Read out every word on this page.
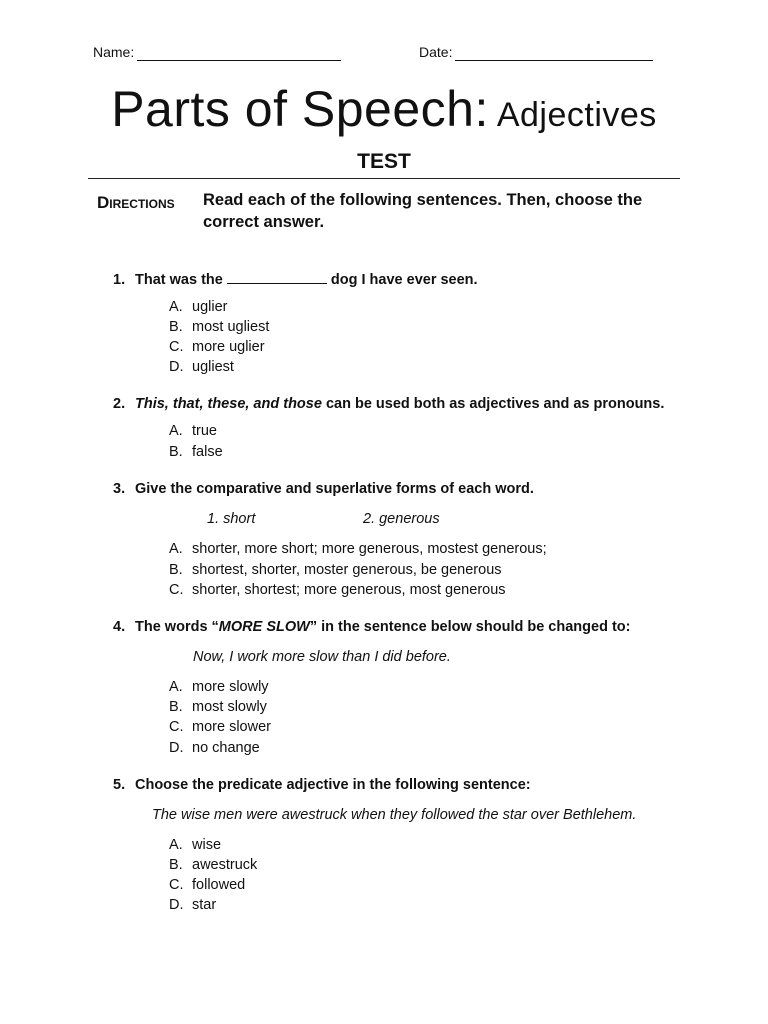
Name:	Date:
Parts of Speech: Adjectives
TEST
Directions Read each of the following sentences. Then, choose the correct answer.
1. That was the	dog I have ever seen.
A. uglier
B. most ugliest
C. more uglier
D. ugliest
2. This, that, these, and those can be used both as adjectives and as pronouns.
A. true
B. false
3. Give the comparative and superlative forms of each word.
1. short	2. generous
A. shorter, more short; more generous, mostest generous;
B. shortest, shorter, moster generous, be generous
C. shorter, shortest; more generous, most generous
4. The words “MORE SLOW” in the sentence below should be changed to:
Now, I work more slow than I did before.
A. more slowly
B. most slowly
C. more slower
D. no change
5. Choose the predicate adjective in the following sentence:
The wise men were awestruck when they followed the star over Bethlehem.
A. wise
B. awestruck
C. followed
D. star
